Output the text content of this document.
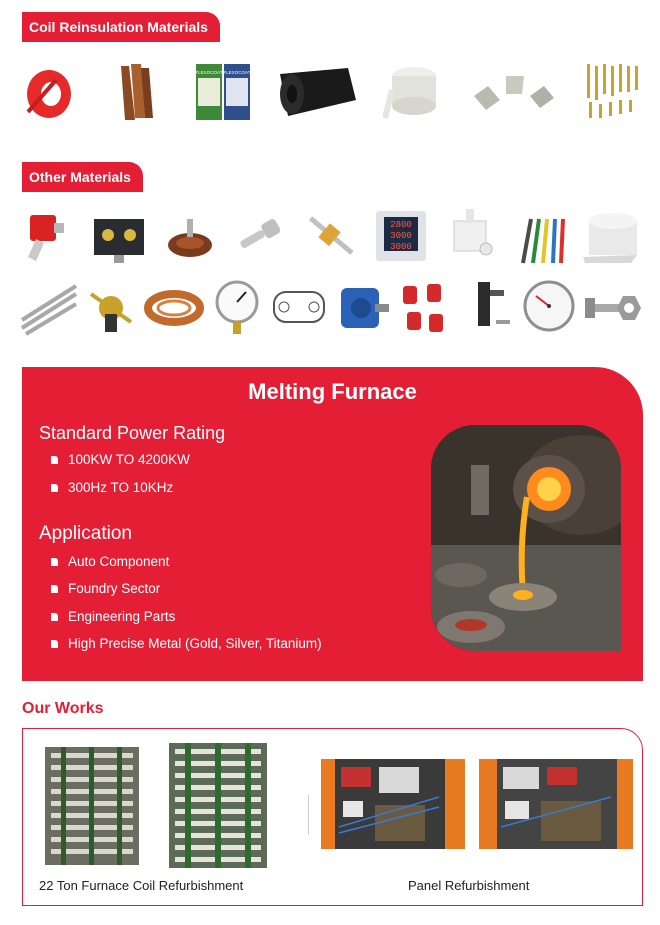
Coil Reinsulation Materials
FLEXOCOAT FLEXOCOAT
Other Materials
2800
3000
3000
Melting Furnace
Standard Power Rating
100KW TO 4200KW
300Hz TO 10KHz
Application
Auto Component
Foundry Sector
Engineering Parts
High Precise Metal (Gold, Silver, Titanium)
Our Works
22 Ton Furnace Coil Refurbishment	Panel Refurbishment
